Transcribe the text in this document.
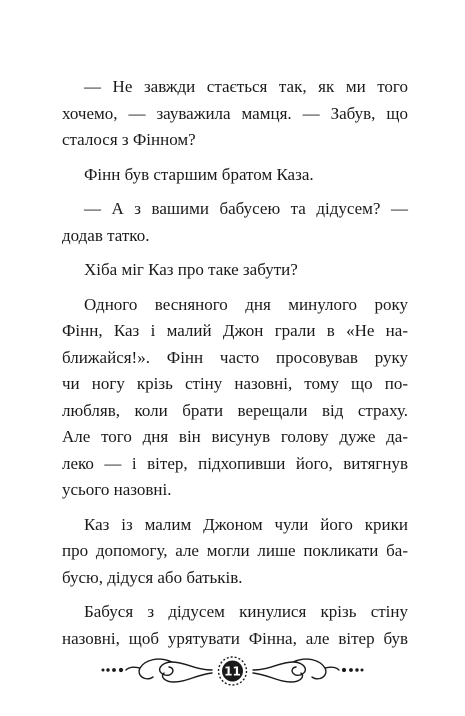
— Не завжди стається так, як ми того
хочемо, — зауважила мамця. — Забув, що
сталося з Фінном?
Фінн був старшим братом Каза.
— А з вашими бабусею та дідусем? —
додав татко.
Хіба міг Каз про таке забути?
Одного весняного дня минулого року
Фінн, Каз і малий Джон грали в «Не на-
ближайся!». Фінн часто просовував руку
чи ногу крізь стіну назовні, тому що по-
любляв, коли брати верещали від страху.
Але того дня він висунув голову дуже да-
леко — і вітер, підхопивши його, витягнув
усього назовні.
Каз із малим Джоном чули його крики
про допомогу, але могли лише покликати ба-
бусю, дідуся або батьків.
Бабуся з дідусем кинулися крізь стіну
назовні, щоб урятувати Фінна, але вітер був
11
